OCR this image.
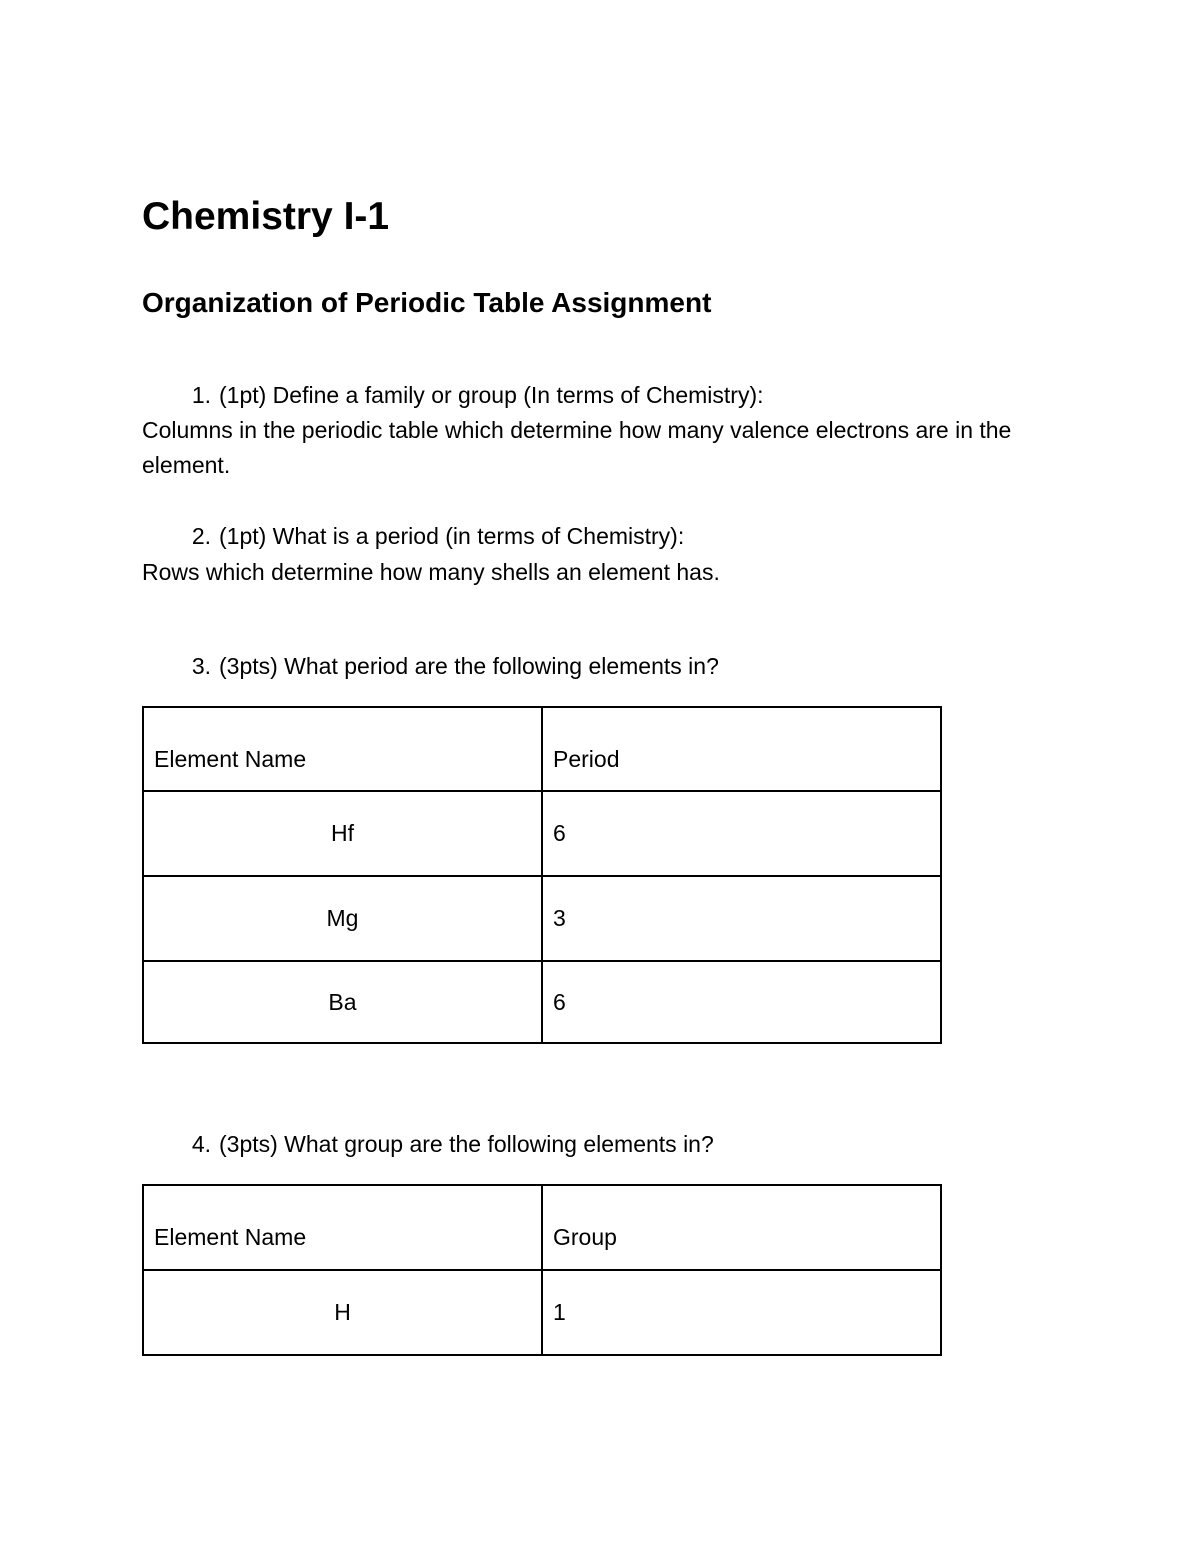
Chemistry I-1
Organization of Periodic Table Assignment
1. (1pt) Define a family or group (In terms of Chemistry):
Columns in the periodic table which determine how many valence electrons are in the element.
2. (1pt) What is a period (in terms of Chemistry):
Rows which determine how many shells an element has.
3. (3pts) What period are the following elements in?
Element Name	Period
Hf	6
Mg	3
Ba	6
4. (3pts) What group are the following elements in?
Element Name	Group
H	1
